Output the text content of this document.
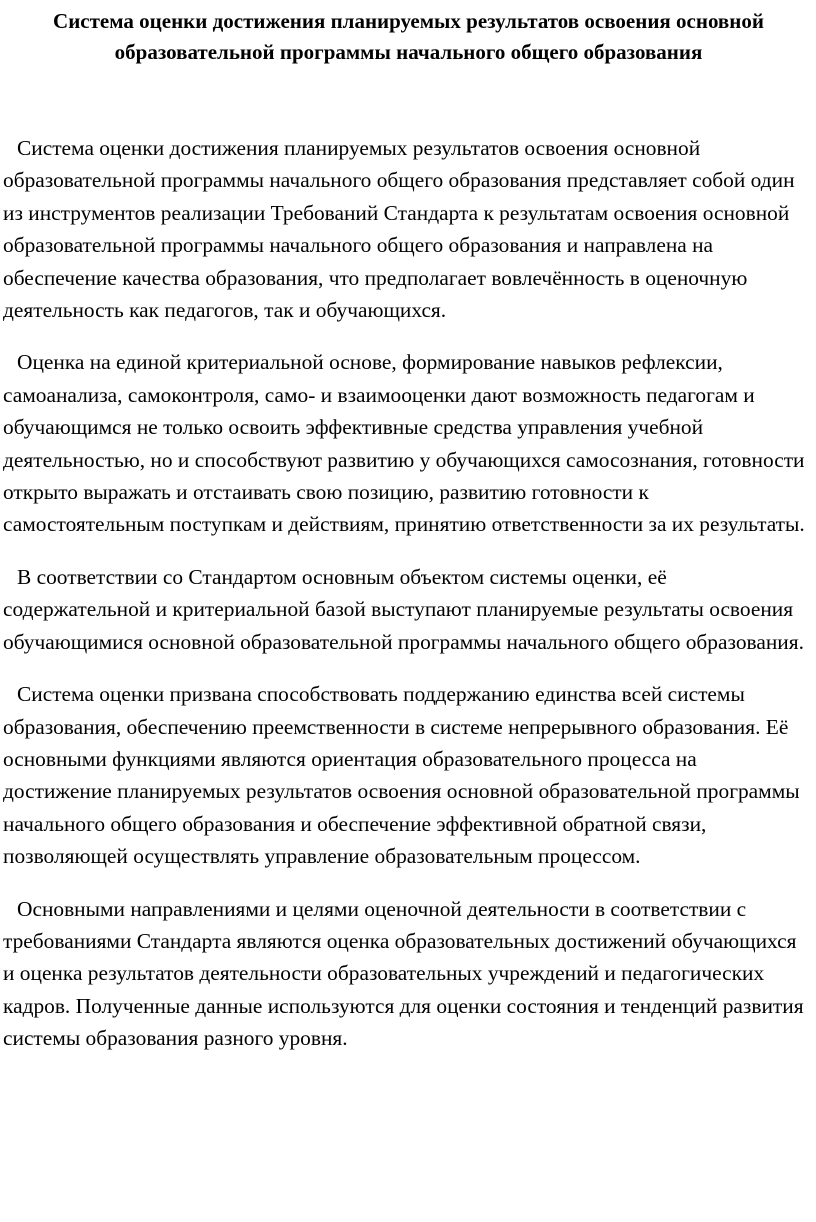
Система оценки достижения планируемых результатов освоения основной образовательной программы начального общего образования

Система оценки достижения планируемых результатов освоения основной образовательной программы начального общего образования представляет собой один из инструментов реализации Требований Стандарта к результатам освоения основной образовательной программы начального общего образования и направлена на обеспечение качества образования, что предполагает вовлечённость в оценочную деятельность как педагогов, так и обучающихся.

Оценка на единой критериальной основе, формирование навыков рефлексии, самоанализа, самоконтроля, само- и взаимооценки дают возможность педагогам и обучающимся не только освоить эффективные средства управления учебной деятельностью, но и способствуют развитию у обучающихся самосознания, готовности открыто выражать и отстаивать свою позицию, развитию готовности к самостоятельным поступкам и действиям, принятию ответственности за их результаты.

В соответствии со Стандартом основным объектом системы оценки, её содержательной и критериальной базой выступают планируемые результаты освоения обучающимися основной образовательной программы начального общего образования.

Система оценки призвана способствовать поддержанию единства всей системы образования, обеспечению преемственности в системе непрерывного образования. Её основными функциями являются ориентация образовательного процесса на достижение планируемых результатов освоения основной образовательной программы начального общего образования и обеспечение эффективной обратной связи, позволяющей осуществлять управление образовательным процессом.

Основными направлениями и целями оценочной деятельности в соответствии с требованиями Стандарта являются оценка образовательных достижений обучающихся и оценка результатов деятельности образовательных учреждений и педагогических кадров. Полученные данные используются для оценки состояния и тенденций развития системы образования разного уровня.
